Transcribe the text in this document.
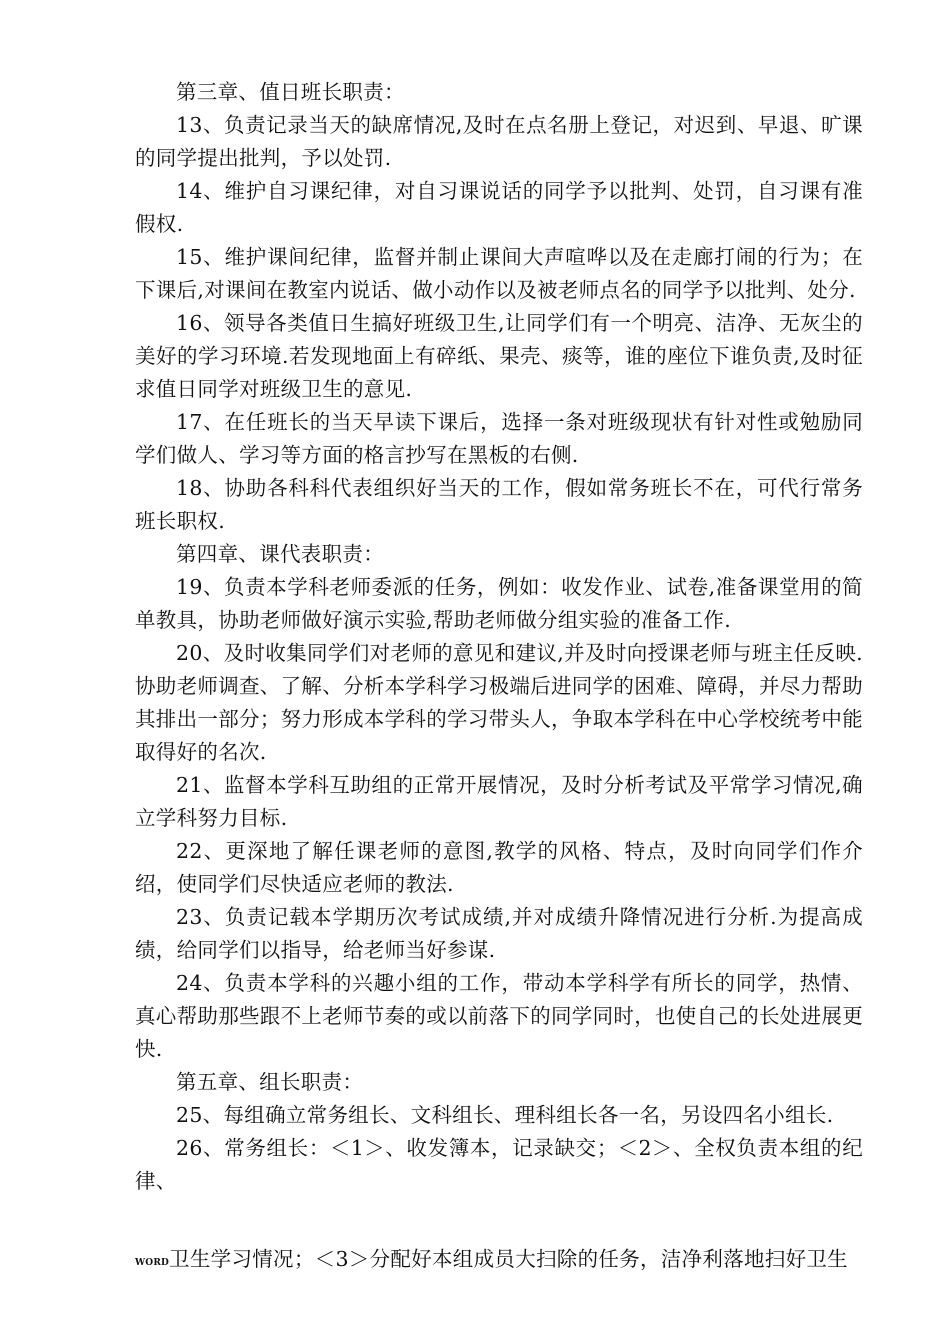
第三章、值日班长职责：

13、负责记录当天的缺席情况,及时在点名册上登记，对迟到、早退、旷课的同学提出批判，予以处罚.

14、维护自习课纪律，对自习课说话的同学予以批判、处罚，自习课有准假权.

15、维护课间纪律，监督并制止课间大声喧哗以及在走廊打闹的行为；在下课后,对课间在教室内说话、做小动作以及被老师点名的同学予以批判、处分.

16、领导各类值日生搞好班级卫生,让同学们有一个明亮、洁净、无灰尘的美好的学习环境.若发现地面上有碎纸、果壳、痰等，谁的座位下谁负责,及时征求值日同学对班级卫生的意见.

17、在任班长的当天早读下课后，选择一条对班级现状有针对性或勉励同学们做人、学习等方面的格言抄写在黑板的右侧.

18、协助各科科代表组织好当天的工作，假如常务班长不在，可代行常务班长职权.

第四章、课代表职责：

19、负责本学科老师委派的任务，例如：收发作业、试卷,准备课堂用的简单教具，协助老师做好演示实验,帮助老师做分组实验的准备工作.

20、及时收集同学们对老师的意见和建议,并及时向授课老师与班主任反映.协助老师调查、了解、分析本学科学习极端后进同学的困难、障碍，并尽力帮助其排出一部分；努力形成本学科的学习带头人，争取本学科在中心学校统考中能取得好的名次.

21、监督本学科互助组的正常开展情况，及时分析考试及平常学习情况,确立学科努力目标.

22、更深地了解任课老师的意图,教学的风格、特点，及时向同学们作介绍，使同学们尽快适应老师的教法.

23、负责记载本学期历次考试成绩,并对成绩升降情况进行分析.为提高成绩，给同学们以指导，给老师当好参谋.

24、负责本学科的兴趣小组的工作，带动本学科学有所长的同学，热情、真心帮助那些跟不上老师节奏的或以前落下的同学同时，也使自己的长处进展更快.

第五章、组长职责：

25、每组确立常务组长、文科组长、理科组长各一名，另设四名小组长.

26、常务组长：＜1＞、收发簿本，记录缺交；＜2＞、全权负责本组的纪律、

WORD卫生学习情况；＜3＞分配好本组成员大扫除的任务，洁净利落地扫好卫生
